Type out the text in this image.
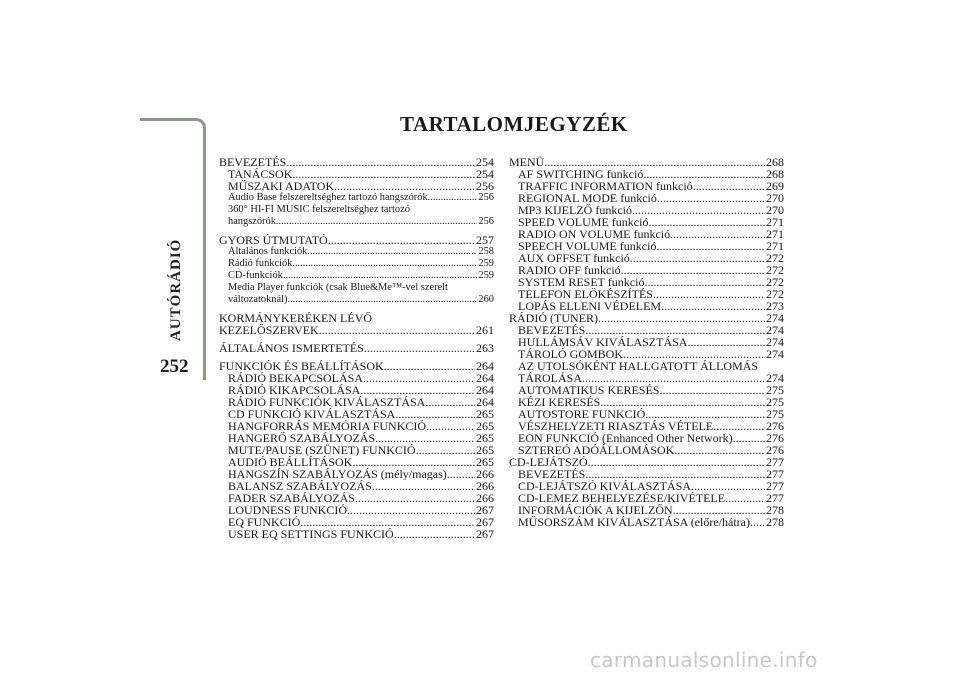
AUTÓRÁDIÓ
252
TARTALOMJEGYZÉK
BEVEZETÉS .....	254
TANÁCSOK .....	254
MŰSZAKI ADATOK .....	256
Audio Base felszereltséghez tartozó hangszórók .....	256
360° HI-FI MUSIC felszereltséghez tartozó
hangszórók .....	256
GYORS ÚTMUTATÓ .....	257
Általános funkciók .....	258
Rádió funkciók .....	259
CD-funkciók .....	259
Media Player funkciók (csak Blue&Me™-vel szerelt
változatoknál) .....	260
KORMÁNYKERÉKEN LÉVŐ
KEZELŐSZERVEK .....	261
ÁLTALÁNOS ISMERTETÉS .....	263
FUNKCIÓK ÉS BEÁLLÍTÁSOK .....	264
RÁDIÓ BEKAPCSOLÁSA .....	264
RÁDIÓ KIKAPCSOLÁSA .....	264
RÁDIÓ FUNKCIÓK KIVÁLASZTÁSA .....	264
CD FUNKCIÓ KIVÁLASZTÁSA .....	265
HANGFORRÁS MEMÓRIA FUNKCIÓ .....	265
HANGERŐ SZABÁLYOZÁS .....	265
MUTE/PAUSE (SZÜNET) FUNKCIÓ .....	265
AUDIÓ BEÁLLÍTÁSOK .....	265
HANGSZÍN SZABÁLYOZÁS (mély/magas) ..... 266
BALANSZ SZABÁLYOZÁS .....	266
FADER SZABÁLYOZÁS .....	266
LOUDNESS FUNKCIÓ .....	267
EQ FUNKCIÓ .....	267
USER EQ SETTINGS FUNKCIÓ .....	267
MENÜ .....	268
AF SWITCHING funkció .....	268
TRAFFIC INFORMATION funkció .....	269
REGIONAL MODE funkció .....	270
MP3 KIJELZŐ funkció .....	270
SPEED VOLUME funkció .....	271
RADIO ON VOLUME funkció .....	271
SPEECH VOLUME funkció .....	271
AUX OFFSET funkció .....	272
RADIO OFF funkció .....	272
SYSTEM RESET funkció .....	272
TELEFON ELŐKÉSZÍTÉS .....	272
LOPÁS ELLENI VÉDELEM .....	273
RÁDIÓ (TUNER) .....	274
BEVEZETÉS .....	274
HULLÁMSÁV KIVÁLASZTÁSA .....	274
TÁROLÓ GOMBOK .....	274
AZ UTOLSÓKÉNT HALLGATOTT ÁLLOMÁS
TÁROLÁSA .....	274
AUTOMATIKUS KERESÉS .....	275
KÉZI KERESÉS .....	275
AUTOSTORE FUNKCIÓ .....	275
VÉSZHELYZETI RIASZTÁS VÉTELE .....	276
EON FUNKCIÓ (Enhanced Other Network) .....	276
SZTEREÓ ADÓÁLLOMÁSOK .....	276
CD-LEJÁTSZÓ .....	277
BEVEZETÉS .....	277
CD-LEJÁTSZÓ KIVÁLASZTÁSA .....	277
CD-LEMEZ BEHELYEZÉSE/KIVÉTELE .....	277
INFORMÁCIÓK A KIJELZŐN .....	278
MŰSORSZÁM KIVÁLASZTÁSA (előre/hátra) ..... 278
carmanualsonline.info
